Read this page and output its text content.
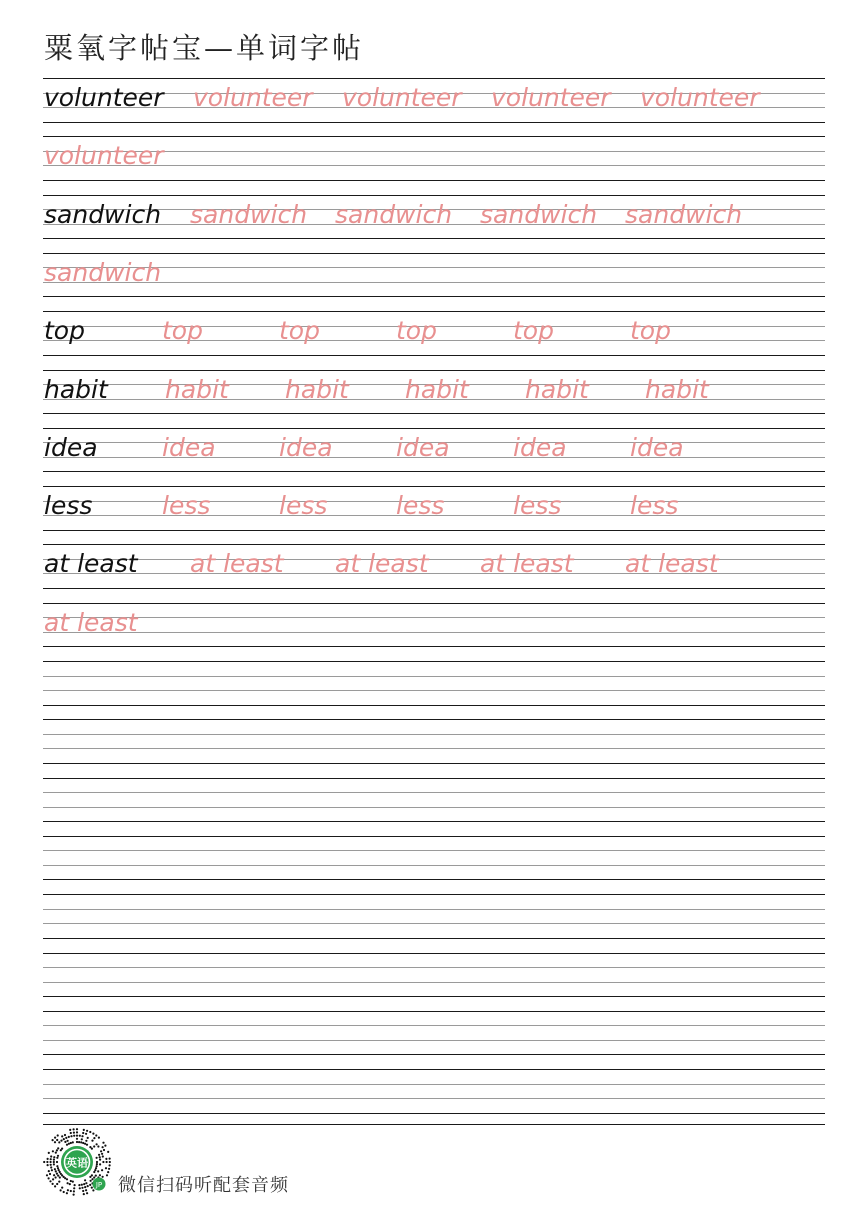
粟氧字帖宝—单词字帖
volunteer volunteer volunteer volunteer volunteer
volunteer
sandwich sandwich sandwich sandwich sandwich
sandwich
top	top	top	top	top	top
habit habit habit habit habit habit
idea	idea	idea	idea	idea	idea
less	less	less	less	less	less
at least at least at least at least at least
at least
英语
JP 微信扫码听配套音频
